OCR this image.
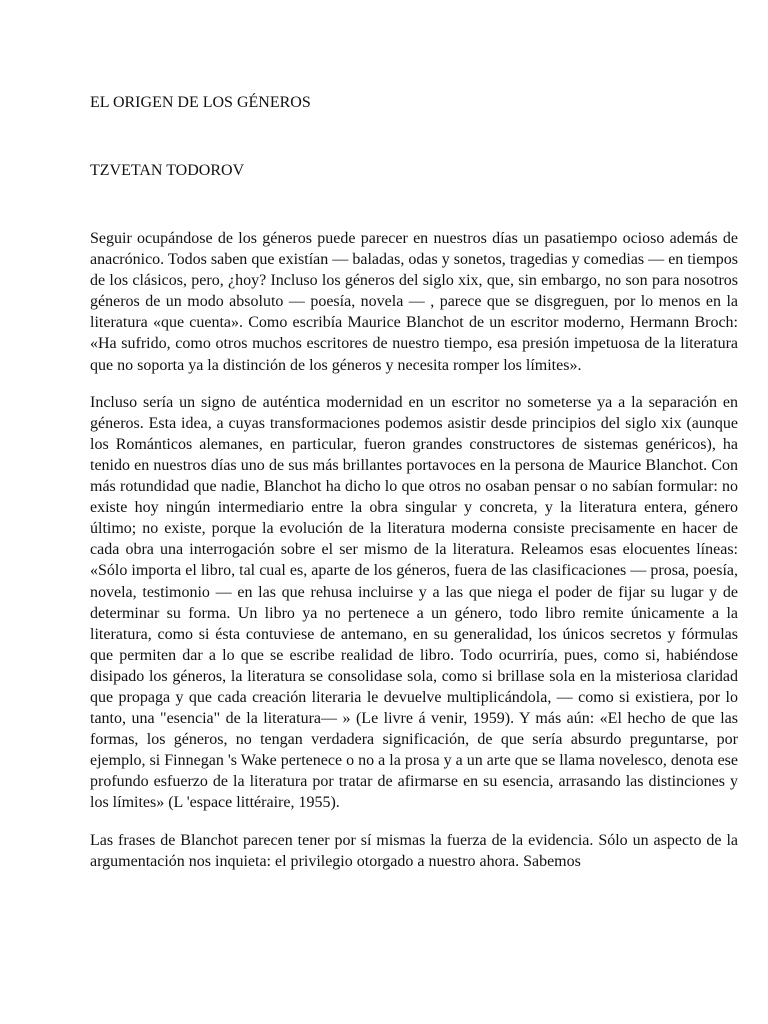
EL ORIGEN DE LOS GÉNEROS
TZVETAN TODOROV

Seguir ocupándose de los géneros puede parecer en nuestros días un pasatiempo ocioso además de anacrónico. Todos saben que existían — baladas, odas y sonetos, tragedias y comedias — en tiempos de los clásicos, pero, ¿hoy? Incluso los géneros del siglo xix, que, sin embargo, no son para nosotros géneros de un modo absoluto — poesía, novela — , parece que se disgreguen, por lo menos en la literatura «que cuenta». Como escribía Maurice Blanchot de un escritor moderno, Hermann Broch: «Ha sufrido, como otros muchos escritores de nuestro tiempo, esa presión impetuosa de la literatura que no soporta ya la distinción de los géneros y necesita romper los límites».

Incluso sería un signo de auténtica modernidad en un escritor no someterse ya a la separación en géneros. Esta idea, a cuyas transformaciones podemos asistir desde principios del siglo xix (aunque los Románticos alemanes, en particular, fueron grandes constructores de sistemas genéricos), ha tenido en nuestros días uno de sus más brillantes portavoces en la persona de Maurice Blanchot. Con más rotundidad que nadie, Blanchot ha dicho lo que otros no osaban pensar o no sabían formular: no existe hoy ningún intermediario entre la obra singular y concreta, y la literatura entera, género último; no existe, porque la evolución de la literatura moderna consiste precisamente en hacer de cada obra una interrogación sobre el ser mismo de la literatura. Releamos esas elocuentes líneas: «Sólo importa el libro, tal cual es, aparte de los géneros, fuera de las clasificaciones — prosa, poesía, novela, testimonio — en las que rehusa incluirse y a las que niega el poder de fijar su lugar y de determinar su forma. Un libro ya no pertenece a un género, todo libro remite únicamente a la literatura, como si ésta contuviese de antemano, en su generalidad, los únicos secretos y fórmulas que permiten dar a lo que se escribe realidad de libro. Todo ocurriría, pues, como si, habiéndose disipado los géneros, la literatura se consolidase sola, como si brillase sola en la misteriosa claridad que propaga y que cada creación literaria le devuelve multiplicándola, — como si existiera, por lo tanto, una "esencia" de la literatura— » (Le livre á venir, 1959). Y más aún: «El hecho de que las formas, los géneros, no tengan verdadera significación, de que sería absurdo preguntarse, por ejemplo, si Finnegan 's Wake pertenece o no a la prosa y a un arte que se llama novelesco, denota ese profundo esfuerzo de la literatura por tratar de afirmarse en su esencia, arrasando las distinciones y los límites» (L 'espace littéraire, 1955).

Las frases de Blanchot parecen tener por sí mismas la fuerza de la evidencia. Sólo un aspecto de la argumentación nos inquieta: el privilegio otorgado a nuestro ahora. Sabemos
